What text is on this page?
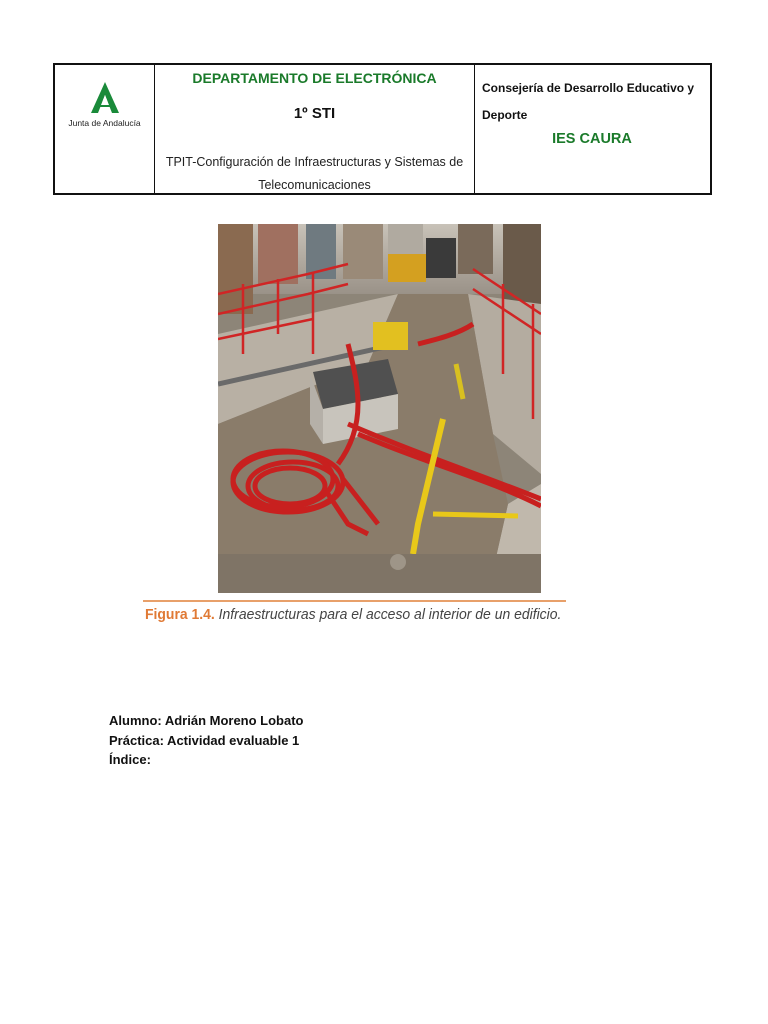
Junta de Andalucía
DEPARTAMENTO DE ELECTRÓNICA
1º STI
TPIT-Configuración de Infraestructuras y Sistemas de Telecomunicaciones
Consejería de Desarrollo Educativo y Deporte
IES CAURA
Figura 1.4. Infraestructuras para el acceso al interior de un edificio.
Alumno: Adrián Moreno Lobato
Práctica: Actividad evaluable 1
Índice:
